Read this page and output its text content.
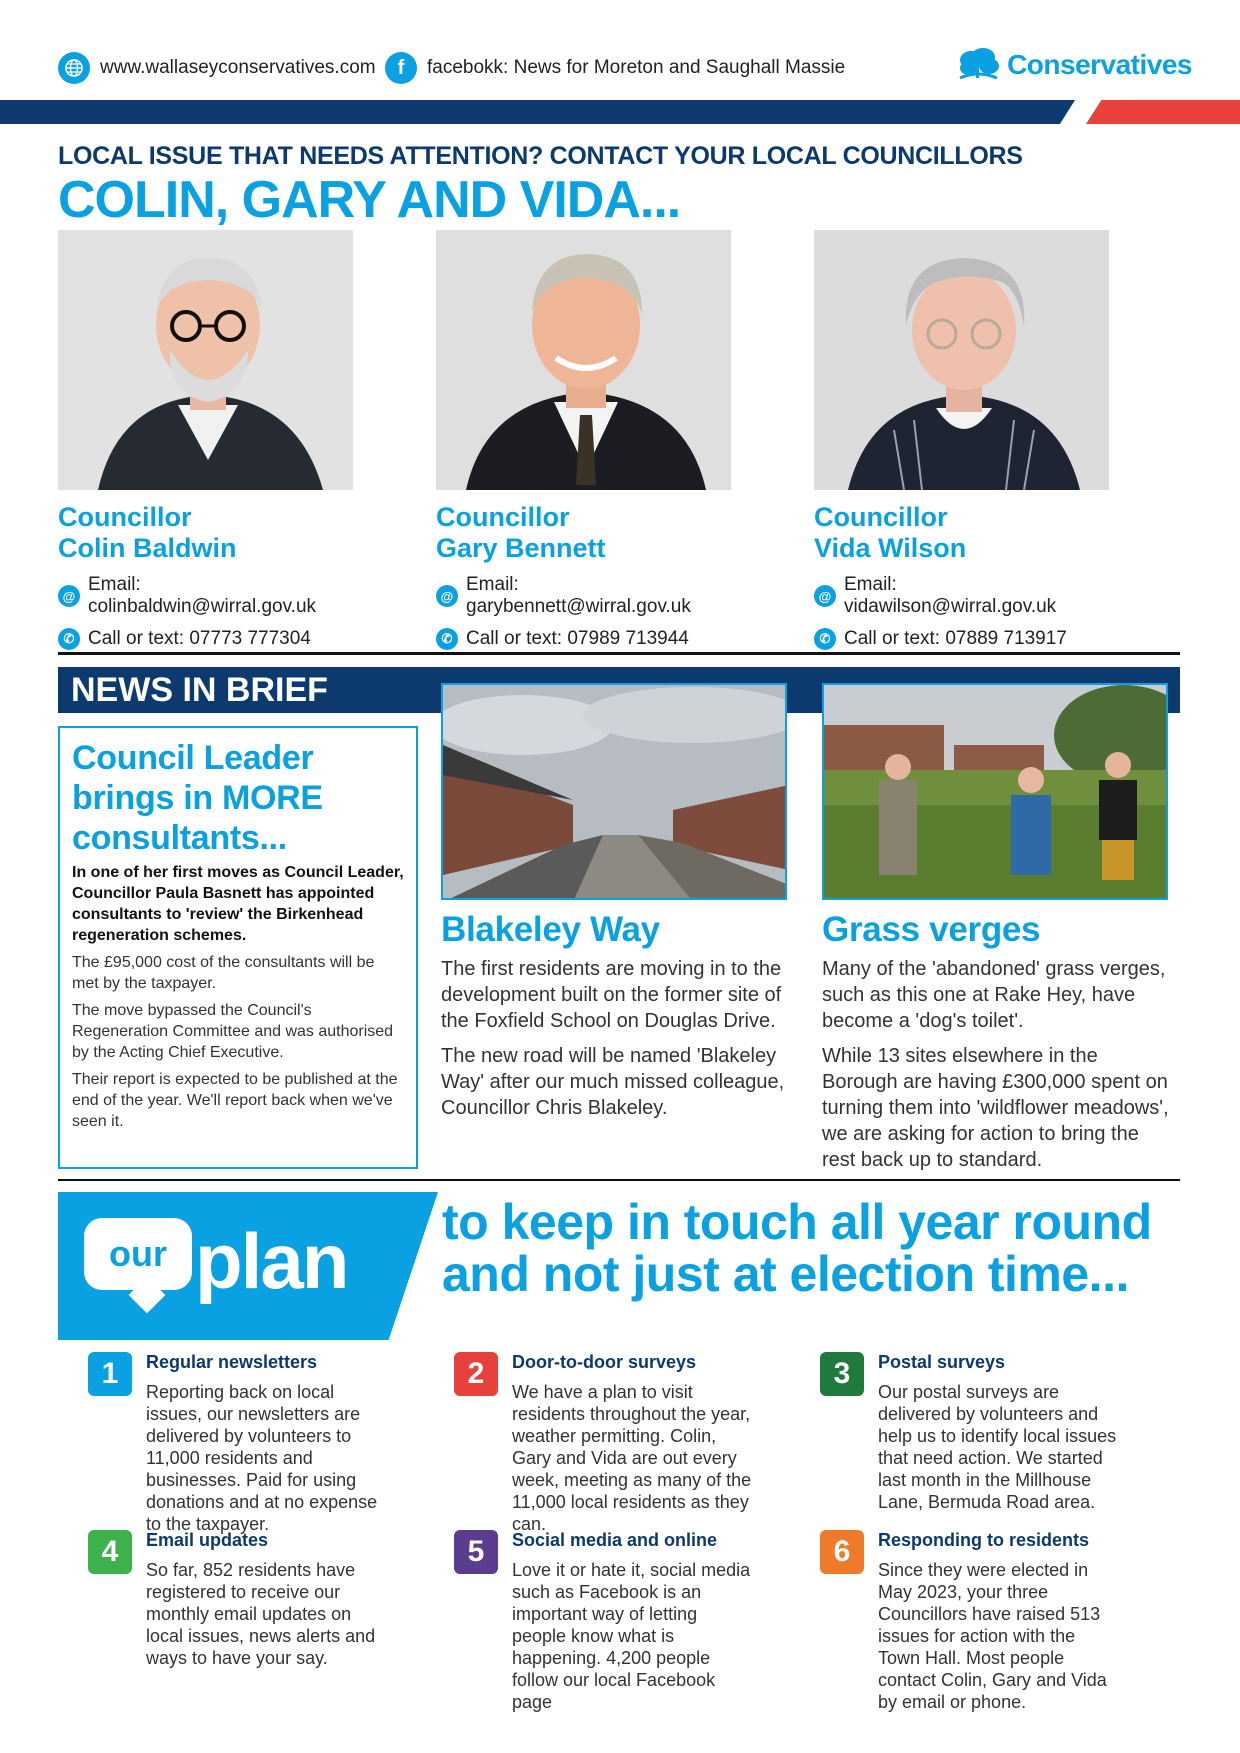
www.wallaseyconservatives.com	f	facebokk: News for Moreton and Saughall Massie	Conservatives
LOCAL ISSUE THAT NEEDS ATTENTION? CONTACT YOUR LOCAL COUNCILLORS
COLIN, GARY AND VIDA...
Councillor
Colin Baldwin
@
Email: colinbaldwin@wirral.gov.uk
✆ Call or text: 07773 777304
Councillor
Gary Bennett
@
Email: garybennett@wirral.gov.uk
✆ Call or text: 07989 713944
Councillor
Vida Wilson
@
Email: vidawilson@wirral.gov.uk
✆ Call or text: 07889 713917
NEWS IN BRIEF
Council Leader brings in MORE consultants...
In one of her first moves as Council Leader, Councillor Paula Basnett has appointed consultants to 'review' the Birkenhead regeneration schemes.

The £95,000 cost of the consultants will be met by the taxpayer.

The move bypassed the Council's Regeneration Committee and was authorised by the Acting Chief Executive.

Their report is expected to be published at the end of the year. We'll report back when we've seen it.

Blakeley Way

The first residents are moving in to the development built on the former site of the Foxfield School on Douglas Drive.

The new road will be named 'Blakeley Way' after our much missed colleague, Councillor Chris Blakeley.

Grass verges

Many of the 'abandoned' grass verges, such as this one at Rake Hey, have become a 'dog's toilet'.

While 13 sites elsewhere in the Borough are having £300,000 spent on turning them into 'wildflower meadows', we are asking for action to bring the rest back up to standard.

our plan to keep in touch all year round
and not just at election time...
1	Regular newsletters

Reporting back on local issues, our newsletters are delivered by volunteers to 11,000 residents and businesses. Paid for using donations and at no expense to the taxpayer.

2	Door-to-door surveys

We have a plan to visit residents throughout the year, weather permitting. Colin, Gary and Vida are out every week, meeting as many of the 11,000 local residents as they can.

3	Postal surveys

Our postal surveys are delivered by volunteers and help us to identify local issues that need action. We started last month in the Millhouse Lane, Bermuda Road area.

4	Email updates

So far, 852 residents have registered to receive our monthly email updates on local issues, news alerts and ways to have your say.

5	Social media and online

Love it or hate it, social media such as Facebook is an important way of letting people know what is happening. 4,200 people follow our local Facebook page

6	Responding to residents

Since they were elected in May 2023, your three Councillors have raised 513 issues for action with the Town Hall. Most people contact Colin, Gary and Vida by email or phone.
